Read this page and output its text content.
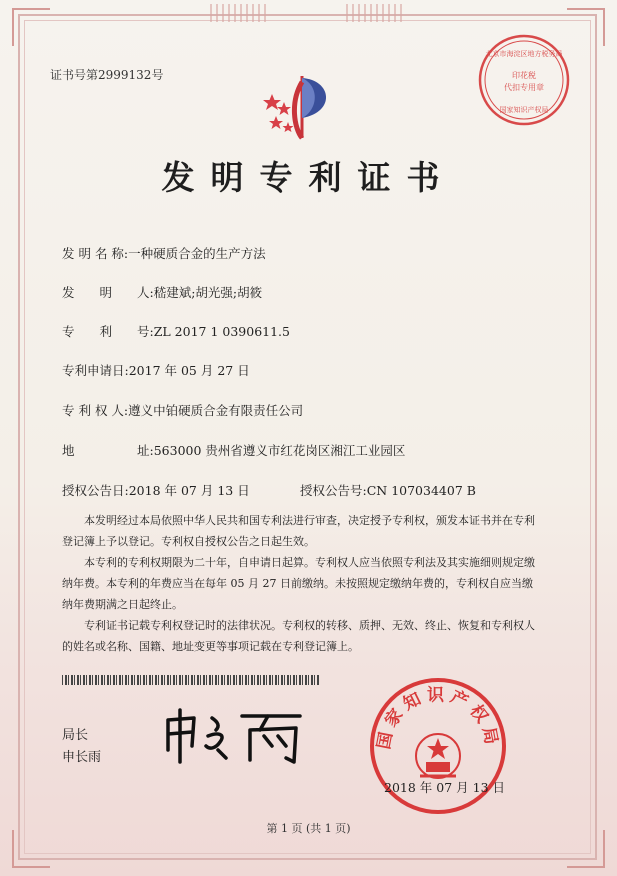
证书号第2999132号
北京市海淀区地方税务局
印花税
代扣专用章
国家知识产权局
发明专利证书
发 明 名 称:一种硬质合金的生产方法
发　　明　　人:嵇建斌;胡光强;胡筱
专　　利　　号:ZL 2017 1 0390611.5
专利申请日:2017 年 05 月 27 日
专 利 权 人:遵义中铂硬质合金有限责任公司
地　　　　　址:563000 贵州省遵义市红花岗区湘江工业园区
授权公告日:2018 年 07 月 13 日	授权公告号:CN 107034407 B

本发明经过本局依照中华人民共和国专利法进行审查，决定授予专利权，颁发本证书并在专利登记簿上予以登记。专利权自授权公告之日起生效。

本专利的专利权期限为二十年，自申请日起算。专利权人应当依照专利法及其实施细则规定缴纳年费。本专利的年费应当在每年 05 月 27 日前缴纳。未按照规定缴纳年费的，专利权自应当缴纳年费期满之日起终止。

专利证书记载专利权登记时的法律状况。专利权的转移、质押、无效、终止、恢复和专利权人的姓名或名称、国籍、地址变更等事项记载在专利登记簿上。

局长
申长雨
国家知识产权局
2018 年 07 月 13 日
第 1 页 (共 1 页)
